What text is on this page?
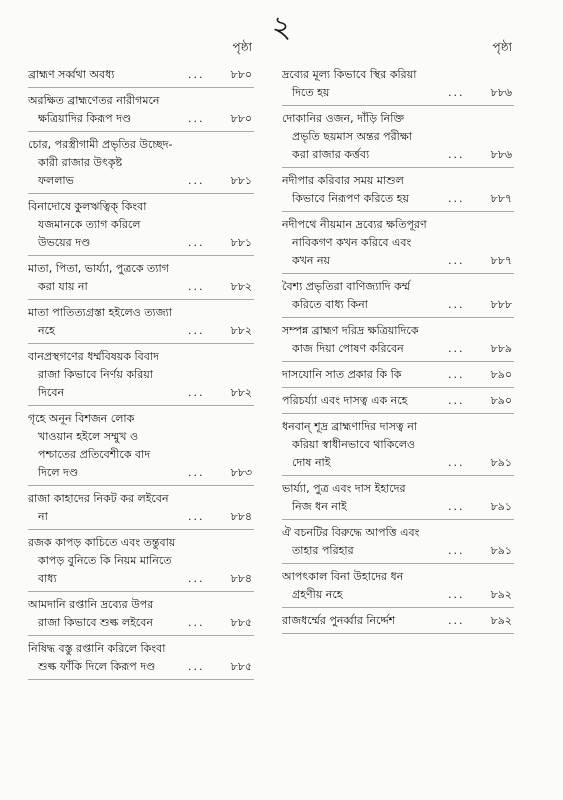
২
পৃষ্ঠা
ব্রাহ্মণ সর্ব্বথা অবধ্য	... ৮৮০
অরক্ষিত ব্রাহ্মণেতর নারীগমনে
ক্ষত্রিয়াদির কিরূপ দণ্ড	... ৮৮০
চোর, পরস্ত্রীগামী প্রভৃতির উচ্ছেদ-
কারী রাজার উৎকৃষ্ট
ফললাভ	... ৮৮১
বিনাদোষে কুলঋত্বিক্‌ কিংবা
যজমানকে ত্যাগ করিলে
উভয়ের দণ্ড	... ৮৮১
মাতা, পিতা, ভার্য্যা, পুত্রকে ত্যাগ
করা যায় না	... ৮৮২
মাতা পাতিত্যগ্রস্তা হইলেও ত্যজ্যা
নহে	... ৮৮২
বানপ্রস্থগণের ধর্ম্মবিষয়ক বিবাদ
রাজা কিভাবে নির্ণয় করিয়া
দিবেন	... ৮৮২
গৃহে অনূন বিশজন লোক
খাওয়ান হইলে সম্মুখ ও
পশ্চাতের প্রতিবেশীকে বাদ
দিলে দণ্ড	... ৮৮৩
রাজা কাহাদের নিকট কর লইবেন
না	... ৮৮৪
রজক কাপড় কাচিতে এবং তন্তুবায়
কাপড় বুনিতে কি নিয়ম মানিতে
বাধ্য	... ৮৮৪
আমদানি রপ্তানি দ্রব্যের উপর
রাজা কিভাবে শুল্ক লইবেন	... ৮৮৫
নিষিদ্ধ বস্তু রপ্তানি করিলে কিংবা
শুল্ক ফাঁকি দিলে কিরূপ দণ্ড	... ৮৮৫
পৃষ্ঠা
দ্রব্যের মূল্য কিভাবে স্থির করিয়া
দিতে হয়	... ৮৮৬
দোকানির ওজন, দাঁড়ি নিক্তি
প্রভৃতি ছয়মাস অন্তর পরীক্ষা
করা রাজার কর্ত্তব্য	... ৮৮৬
নদীপার করিবার সময় মাশুল
কিভাবে নিরূপণ করিতে হয়	... ৮৮৭
নদীপথে নীয়মান দ্রব্যের ক্ষতিপূরণ
নাবিকগণ কখন করিবে এবং
কখন নয়	... ৮৮৭
বৈশ্য প্রভৃতিরা বাণিজ্যাদি কর্ম্ম
করিতে বাধ্য কিনা	... ৮৮৮
সম্পন্ন ব্রাহ্মণ দরিদ্র ক্ষত্রিয়াদিকে
কাজ দিয়া পোষণ করিবেন	... ৮৮৯
দাসযোনি সাত প্রকার কি কি	... ৮৯০
পরিচর্য্যা এবং দাসত্ব এক নহে	... ৮৯০
ধনবান্‌ শূদ্র ব্রাহ্মণাদির দাসত্ব না
করিয়া স্বাধীনভাবে থাকিলেও
দোষ নাই	... ৮৯১
ভার্য্যা, পুত্র এবং দাস ইহাদের
নিজ ধন নাই	... ৮৯১
ঐ বচনটির বিরুদ্ধে আপত্তি এবং
তাহার পরিহার	... ৮৯১
আপৎকাল বিনা উহাদের ধন
গ্রহণীয় নহে	... ৮৯২
রাজধর্ম্মের পুনর্ব্বার নির্দ্দেশ	... ৮৯২
